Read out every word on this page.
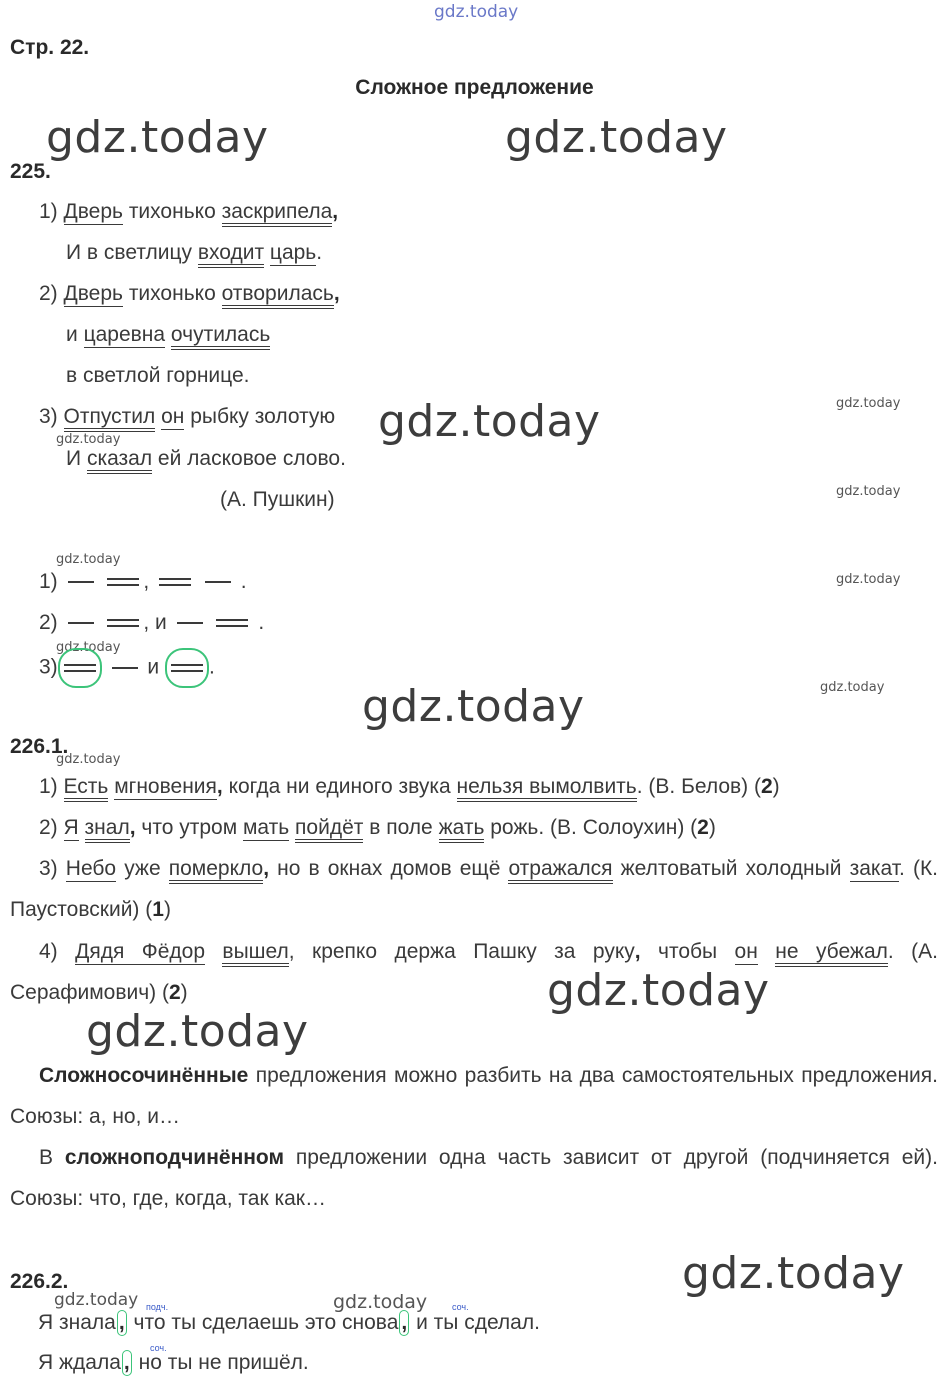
gdz.today
gdz.today	gdz.today
gdz.today
gdz.today
gdz.today
gdz.today
gdz.today
gdz.today
gdz.today
gdz.today
gdz.today
gdz.today
gdz.today
gdz.today
gdz.today
gdz.today	gdz.today
Стр. 22.
Сложное предложение
225.
1) Дверь тихонько заскрипела,
И в светлицу входит царь.
2) Дверь тихонько отворилась,
и царевна очутилась
в светлой горнице.
3) Отпустил он рыбку золотую
И сказал ей ласковое слово.
(А. Пушкин)
1)	,	.
2)	, и	.
3)	и .
226.1.
1) Есть мгновения, когда ни единого звука нельзя вымолвить. (В. Белов) (2)
2) Я знал, что утром мать пойдёт в поле жать рожь. (В. Солоухин) (2)
3) Небо уже померкло, но в окнах домов ещё отражался желтоватый холодный закат. (К. Паустовский) (1)
4) Дядя Фёдор вышел, крепко держа Пашку за руку, чтобы он не убежал. (А. Серафимович) (2)
Сложносочинённые предложения можно разбить на два самостоятельных предложения. Союзы: а, но, и…
В сложноподчинённом предложении одна часть зависит от другой (подчиняется ей). Союзы: что, где, когда, так как…
226.2.
подч.	соч.
Я знала , что ты сделаешь это снова , и ты сделал.
соч.
Я ждала , но ты не пришёл.
